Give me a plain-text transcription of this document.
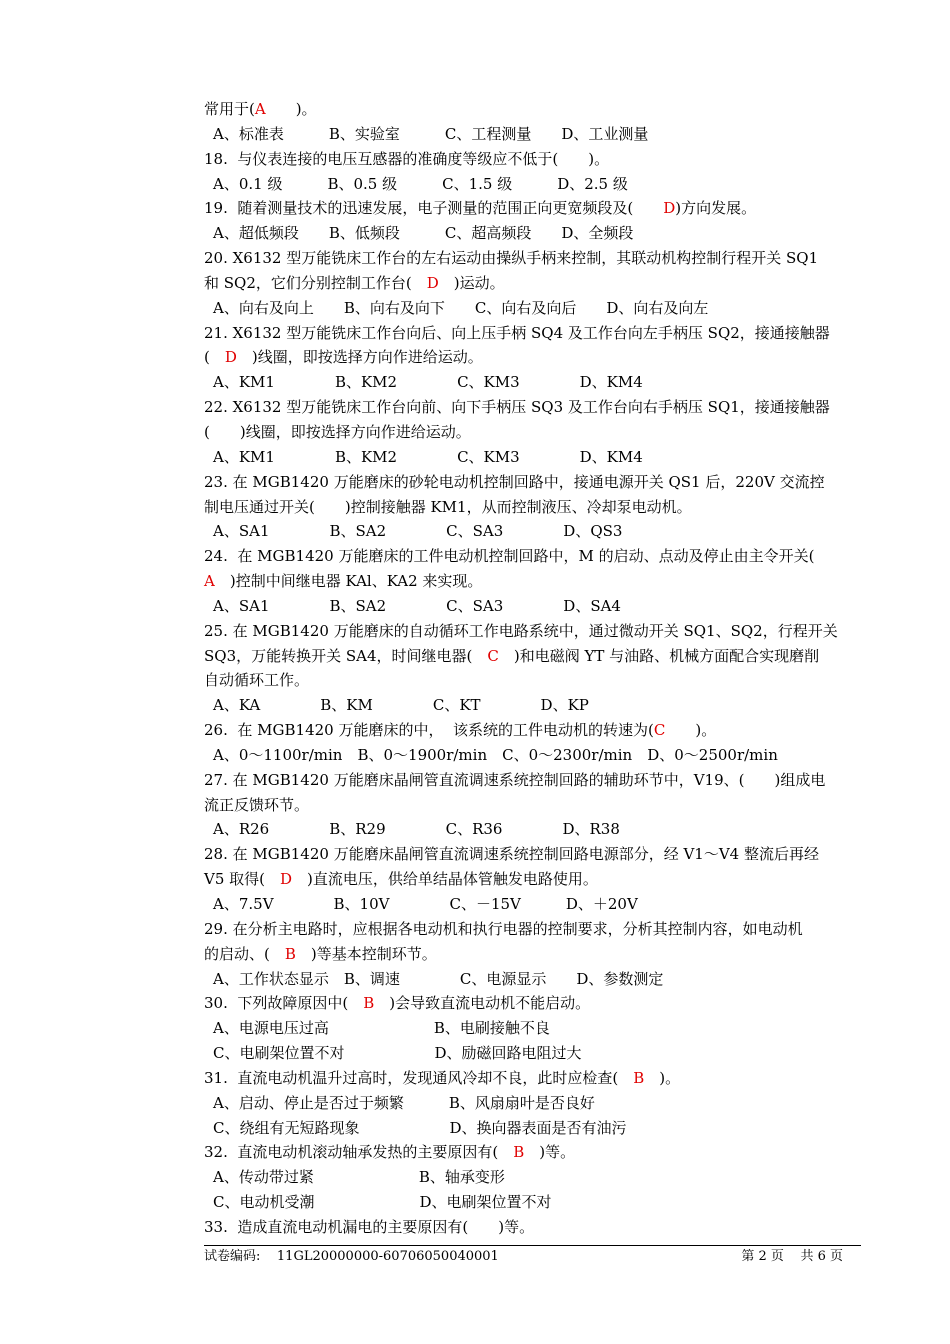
常用于(A　　)。
A、标准表　　　B、实验室　　　C、工程测量　　D、工业测量
18.  与仪表连接的电压互感器的准确度等级应不低于(　　)。
A、0.1 级　　　B、0.5 级　　　C、1.5 级　　　D、2.5 级
19.  随着测量技术的迅速发展，电子测量的范围正向更宽频段及(　　D)方向发展。
A、超低频段　　B、低频段　　　C、超高频段　　D、全频段
20. X6132 型万能铣床工作台的左右运动由操纵手柄来控制，其联动机构控制行程开关 SQ1
和 SQ2，它们分别控制工作台(　D　)运动。
A、向右及向上　　B、向右及向下　　C、向右及向后　　D、向右及向左
21. X6132 型万能铣床工作台向后、向上压手柄 SQ4 及工作台向左手柄压 SQ2，接通接触器
(　D　)线圈，即按选择方向作进给运动。
A、KM1　　　　B、KM2　　　　C、KM3　　　　D、KM4
22. X6132 型万能铣床工作台向前、向下手柄压 SQ3 及工作台向右手柄压 SQ1，接通接触器
(　　)线圈，即按选择方向作进给运动。
A、KM1　　　　B、KM2　　　　C、KM3　　　　D、KM4
23. 在 MGB1420 万能磨床的砂轮电动机控制回路中，接通电源开关 QS1 后，220V 交流控
制电压通过开关(　　)控制接触器 KM1，从而控制液压、冷却泵电动机。
A、SA1　　　　B、SA2　　　　C、SA3　　　　D、QS3
24.  在 MGB1420 万能磨床的工件电动机控制回路中，M 的启动、点动及停止由主令开关(
A　)控制中间继电器 KAl、KA2 来实现。
A、SA1　　　　B、SA2　　　　C、SA3　　　　D、SA4
25. 在 MGB1420 万能磨床的自动循环工作电路系统中，通过微动开关 SQ1、SQ2，行程开关
SQ3，万能转换开关 SA4，时间继电器(　C　)和电磁阀 YT 与油路、机械方面配合实现磨削
自动循环工作。
A、KA　　　　B、KM　　　　C、KT　　　　D、KP
26.  在 MGB1420 万能磨床的中，  该系统的工件电动机的转速为(C　　)。
A、0～1100r/min　B、0～1900r/min　C、0～2300r/min　D、0～2500r/min
27. 在 MGB1420 万能磨床晶闸管直流调速系统控制回路的辅助环节中，V19、(　　)组成电
流正反馈环节。
A、R26　　　　B、R29　　　　C、R36　　　　D、R38
28. 在 MGB1420 万能磨床晶闸管直流调速系统控制回路电源部分，经 V1～V4 整流后再经
V5 取得(　D　)直流电压，供给单结晶体管触发电路使用。
A、7.5V　　　　B、10V　　　　C、－15V　　　D、＋20V
29. 在分析主电路时，应根据各电动机和执行电器的控制要求，分析其控制内容，如电动机
的启动、(　B　)等基本控制环节。
A、工作状态显示　B、调速　　　　C、电源显示　　D、参数测定
30.  下列故障原因中(　B　)会导致直流电动机不能启动。
A、电源电压过高　　　　　　　B、电刷接触不良
C、电刷架位置不对　　　　　　D、励磁回路电阻过大
31.  直流电动机温升过高时，发现通风冷却不良，此时应检查(　B　)。
A、启动、停止是否过于频繁　　　B、风扇扇叶是否良好
C、绕组有无短路现象　　　　　　D、换向器表面是否有油污
32.  直流电动机滚动轴承发热的主要原因有(　B　)等。
A、传动带过紧　　　　　　　B、轴承变形
C、电动机受潮　　　　　　　D、电刷架位置不对
33.  造成直流电动机漏电的主要原因有(　　)等。

试卷编码:    11GL20000000-60706050040001

	第 2 页    共 6 页
